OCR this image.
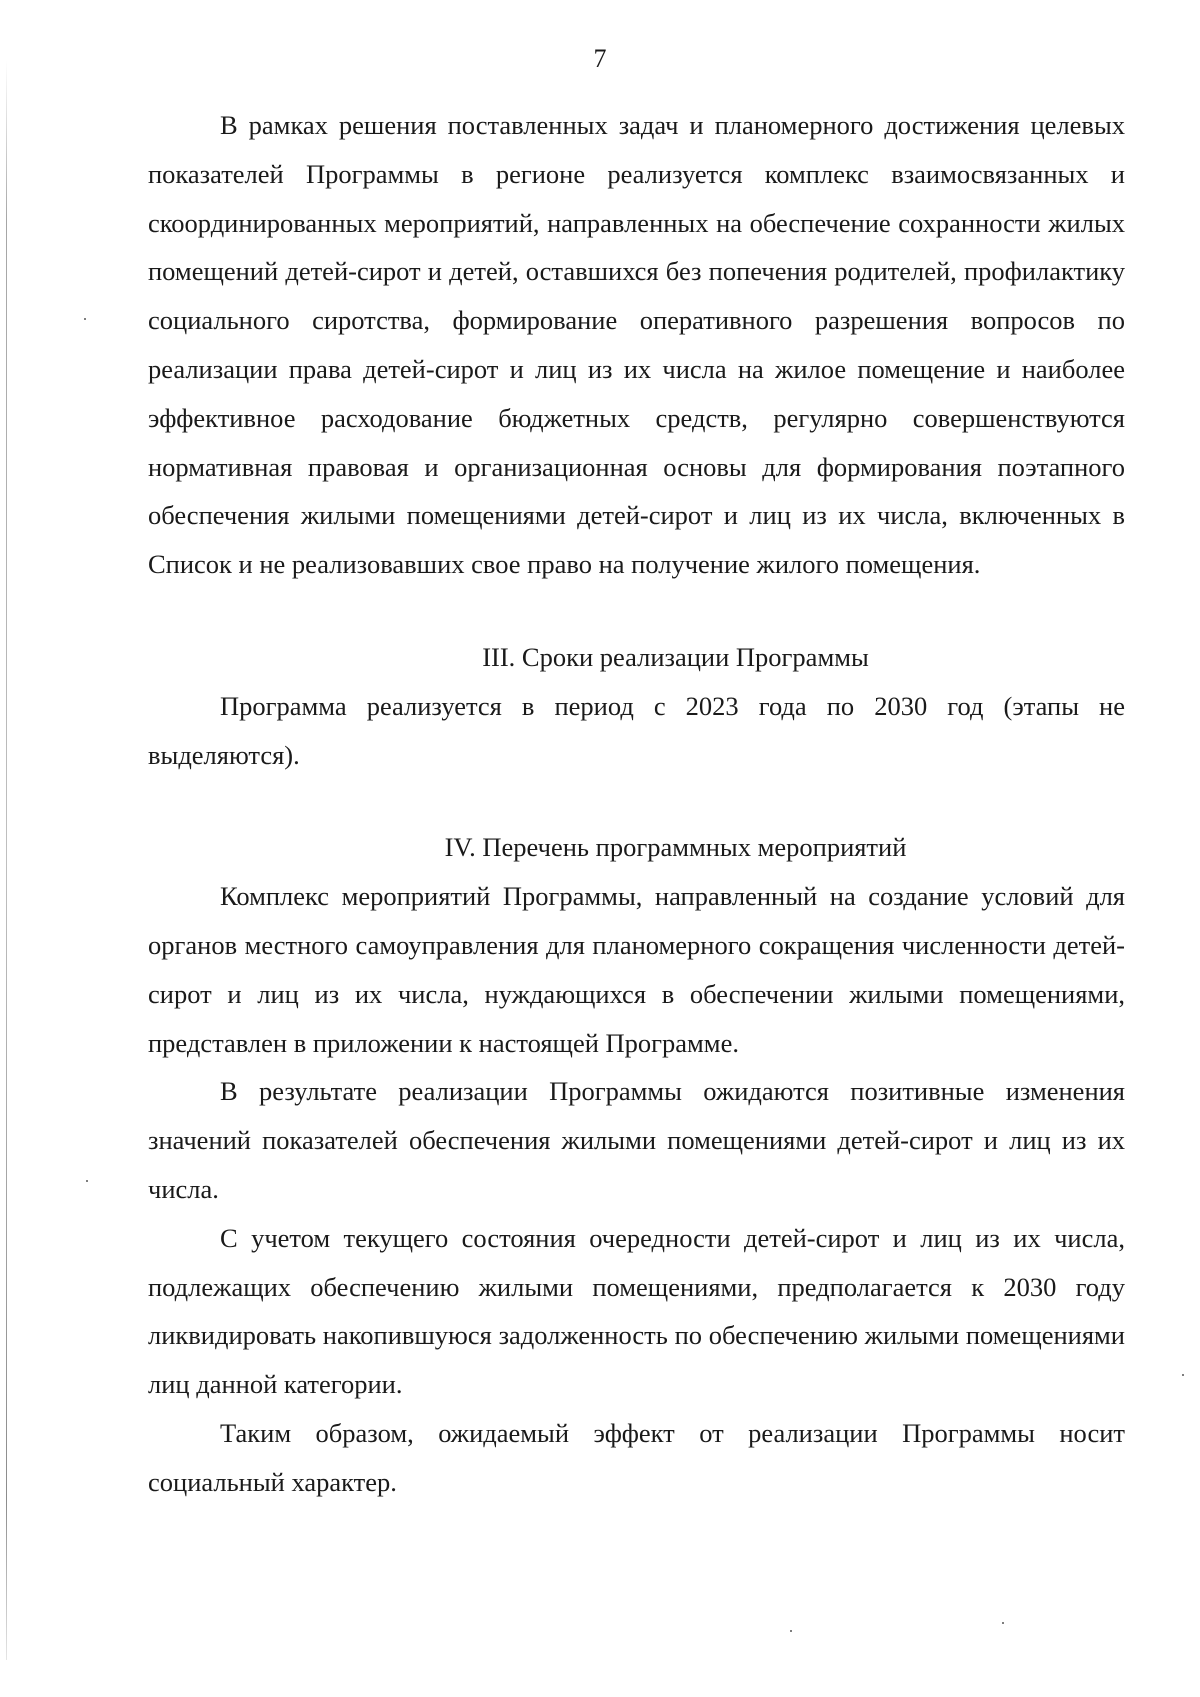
7

В рамках решения поставленных задач и планомерного достижения целевых показателей Программы в регионе реализуется комплекс взаимосвязанных и скоординированных мероприятий, направленных на обеспечение сохранности жилых помещений детей-сирот и детей, оставшихся без попечения родителей, профилактику социального сиротства, формирование оперативного разрешения вопросов по реализации права детей-сирот и лиц из их числа на жилое помещение и наиболее эффективное расходование бюджетных средств, регулярно совершенствуются нормативная правовая и организационная основы для формирования поэтапного обеспечения жилыми помещениями детей-сирот и лиц из их числа, включенных в Список и не реализовавших свое право на получение жилого помещения.

III. Сроки реализации Программы

Программа реализуется в период с 2023 года по 2030 год (этапы не выделяются).

IV. Перечень программных мероприятий

Комплекс мероприятий Программы, направленный на создание условий для органов местного самоуправления для планомерного сокращения численности детей-сирот и лиц из их числа, нуждающихся в обеспечении жилыми помещениями, представлен в приложении к настоящей Программе.

В результате реализации Программы ожидаются позитивные изменения значений показателей обеспечения жилыми помещениями детей-сирот и лиц из их числа.

С учетом текущего состояния очередности детей-сирот и лиц из их числа, подлежащих обеспечению жилыми помещениями, предполагается к 2030 году ликвидировать накопившуюся задолженность по обеспечению жилыми помещениями лиц данной категории.

Таким образом, ожидаемый эффект от реализации Программы носит социальный характер.
